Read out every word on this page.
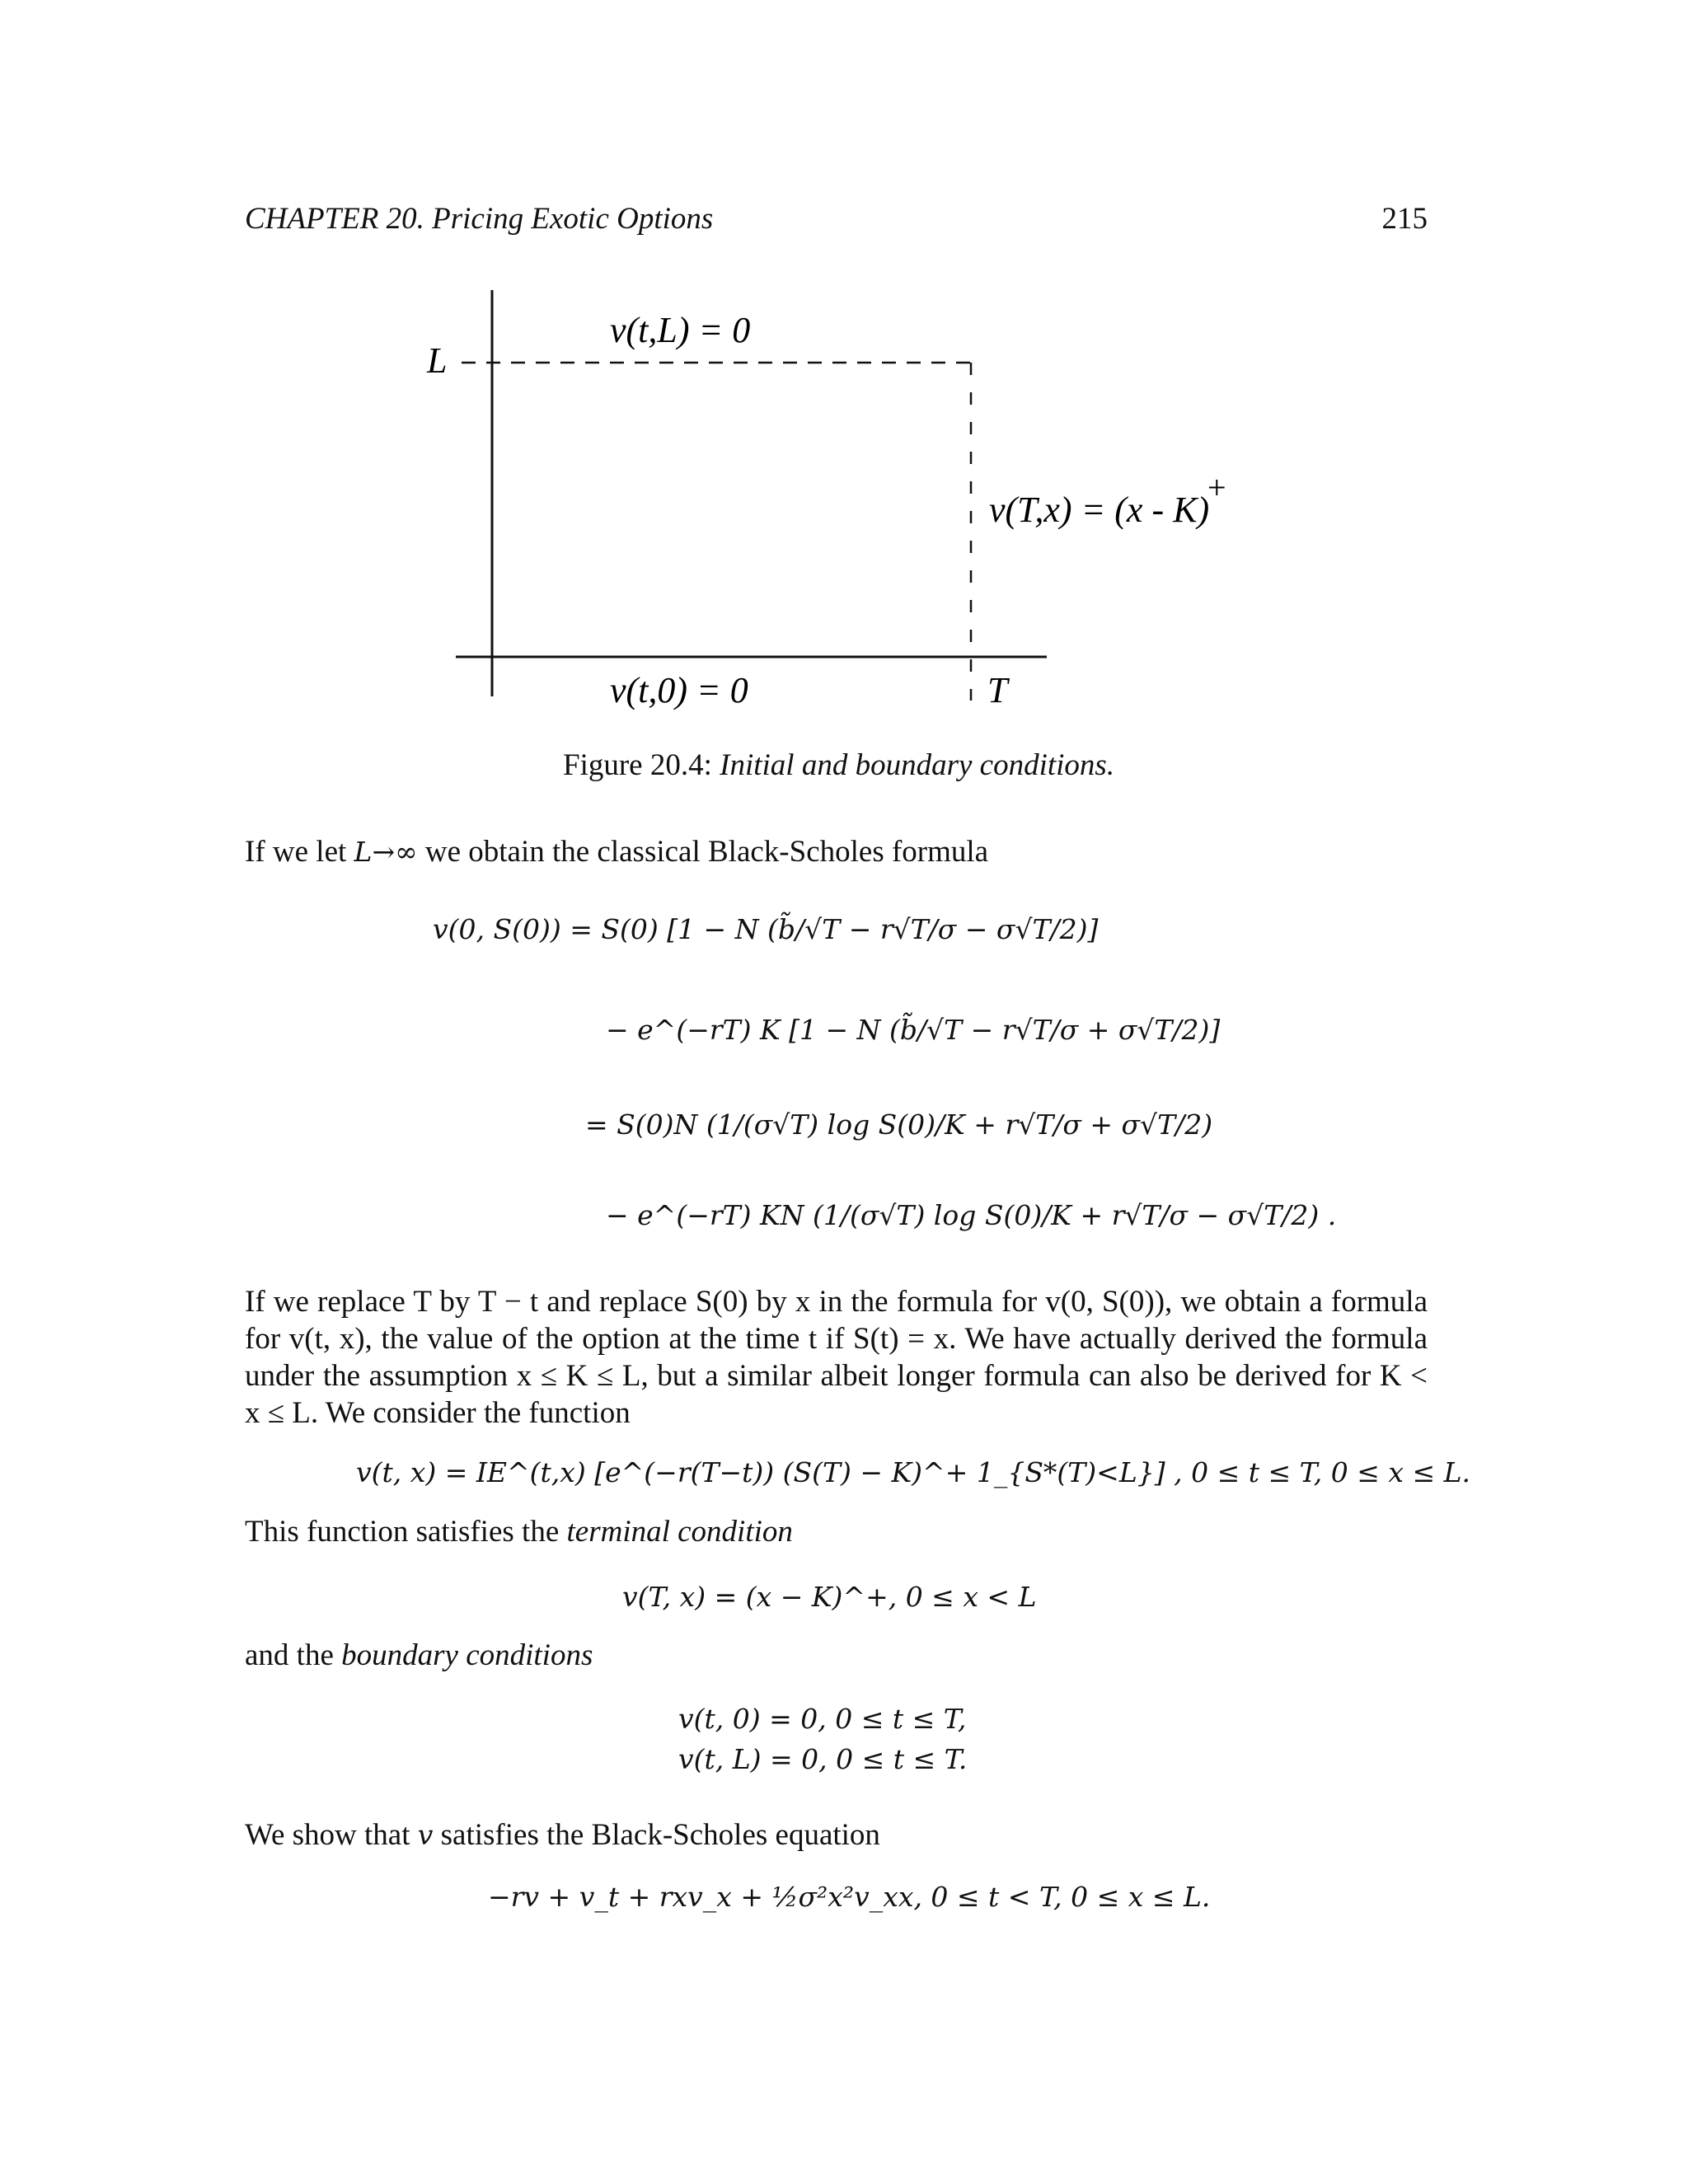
CHAPTER 20. Pricing Exotic Options	215
L
T
v(t,L) = 0
v(T,x) = (x - K)
+
v(t,0) = 0
Figure 20.4: Initial and boundary conditions.
If we let L→∞ we obtain the classical Black-Scholes formula
v(0, S(0)) = S(0) [1 − N (b̃/√T − r√T/σ − σ√T/2)]
− e^(−rT) K [1 − N (b̃/√T − r√T/σ + σ√T/2)]
= S(0)N (1/(σ√T) log S(0)/K + r√T/σ + σ√T/2)
− e^(−rT) KN (1/(σ√T) log S(0)/K + r√T/σ − σ√T/2) .
If we replace T by T − t and replace S(0) by x in the formula for v(0, S(0)), we obtain a formula for v(t, x), the value of the option at the time t if S(t) = x. We have actually derived the formula under the assumption x ≤ K ≤ L, but a similar albeit longer formula can also be derived for K < x ≤ L. We consider the function
v(t, x) = IE^(t,x) [e^(−r(T−t)) (S(T) − K)^+ 1_{S*(T)<L}] , 0 ≤ t ≤ T, 0 ≤ x ≤ L.
This function satisfies the terminal condition
v(T, x) = (x − K)^+, 0 ≤ x < L
and the boundary conditions
v(t, 0) = 0, 0 ≤ t ≤ T,
v(t, L) = 0, 0 ≤ t ≤ T.
We show that v satisfies the Black-Scholes equation
−rv + v_t + rxv_x + ½σ²x²v_xx, 0 ≤ t < T, 0 ≤ x ≤ L.
